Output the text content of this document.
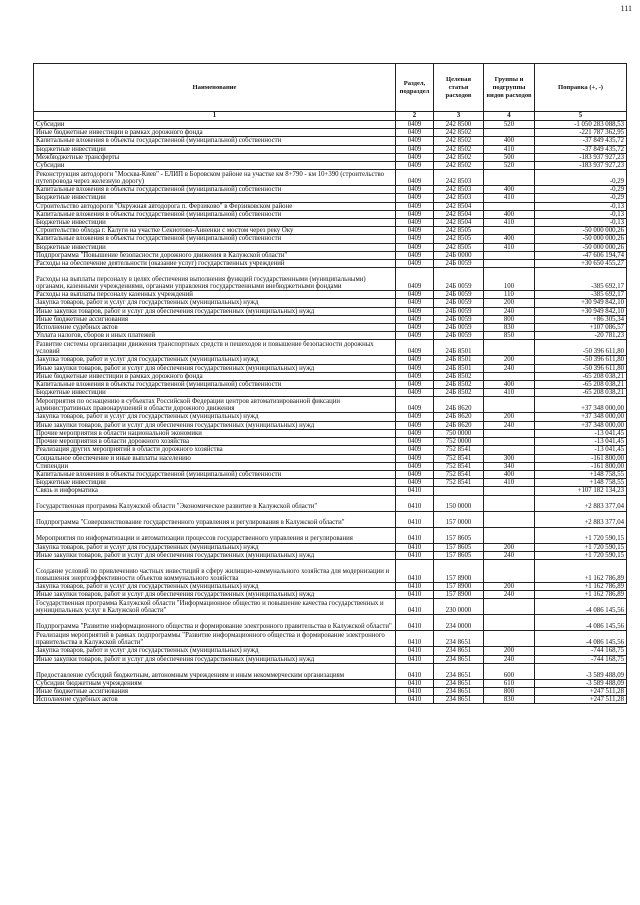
111
Наименование	Раздел, подраздел	Целевая статья расходов	Группы и подгруппы видов расходов	Поправка (+, -)
1	2	3	4	5
Субсидии	0409	242 8500	520	-1 050 283 088,53
Иные бюджетные инвестиции в рамках дорожного фонда	0409	242 8502		-221 787 362,95
Капитальные вложения в объекты государственной (муниципальной) собственности	0409	242 8502	400	-37 849 435,72
Бюджетные инвестиции	0409	242 8502	410	-37 849 435,72
Межбюджетные трансферты	0409	242 8502	500	-183 937 927,23
Субсидии	0409	242 8502	520	-183 937 927,23
Реконструкция автодороги "Москва-Киев" - ЕЛИП в Боровском районе на участке км 8+790 - км 10+390 (строительство путепровода через железную дорогу)	0409	242 8503		-0,29
Капитальные вложения в объекты государственной (муниципальной) собственности	0409	242 8503	400	-0,29
Бюджетные инвестиции	0409	242 8503	410	-0,29
Строительство автодороги "Окружная автодорога п. Ферзиково" в Ферзиковском районе	0409	242 8504		-0,13
Капитальные вложения в объекты государственной (муниципальной) собственности	0409	242 8504	400	-0,13
Бюджетные инвестиции	0409	242 8504	410	-0,13
Строительство обхода г. Калуги на участке Секиотово-Анненки с мостом через реку Оку	0409	242 8505		-50 000 000,26
Капитальные вложения в объекты государственной (муниципальной) собственности	0409	242 8505	400	-50 000 000,26
Бюджетные инвестиции	0409	242 8505	410	-50 000 000,26
Подпрограмма "Повышение безопасности дорожного движения в Калужской области"	0409	24Б 0000		-47 606 194,74
Расходы на обеспечение деятельности (оказание услуг) государственных учреждений	0409	24Б 0059		+30 650 455,27
Расходы на выплаты персоналу в целях обеспечения выполнения функций государственными (муниципальными) органами, казенными учреждениями, органами управления государственными внебюджетными фондами	0409	24Б 0059	100	-385 692,17
Расходы на выплаты персоналу казенных учреждений	0409	24Б 0059	110	-385 692,17
Закупка товаров, работ и услуг для государственных (муниципальных) нужд	0409	24Б 0059	200	+30 949 842,10
Иные закупки товаров, работ и услуг для обеспечения государственных (муниципальных) нужд	0409	24Б 0059	240	+30 949 842,10
Иные бюджетные ассигнования	0409	24Б 0059	800	+86 305,34
Исполнение судебных актов	0409	24Б 0059	830	+107 086,57
Уплата налогов, сборов и иных платежей	0409	24Б 0059	850	-20 781,23
Развитие системы организации движения транспортных средств и пешеходов и повышение безопасности дорожных условий	0409	24Б 8501		-50 396 611,80
Закупка товаров, работ и услуг для государственных (муниципальных) нужд	0409	24Б 8501	200	-50 396 611,80
Иные закупки товаров, работ и услуг для обеспечения государственных (муниципальных) нужд	0409	24Б 8501	240	-50 396 611,80
Иные бюджетные инвестиции в рамках дорожного фонда	0409	24Б 8502		-65 208 038,21
Капитальные вложения в объекты государственной (муниципальной) собственности	0409	24Б 8502	400	-65 208 038,21
Бюджетные инвестиции	0409	24Б 8502	410	-65 208 038,21
Мероприятия по оснащению в субъектах Российской Федерации центров автоматизированной фиксации административных правонарушений в области дорожного движения	0409	24Б 8620		+37 348 000,00
Закупка товаров, работ и услуг для государственных (муниципальных) нужд	0409	24Б 8620	200	+37 348 000,00
Иные закупки товаров, работ и услуг для обеспечения государственных (муниципальных) нужд	0409	24Б 8620	240	+37 348 000,00
Прочие мероприятия в области национальной экономики	0409	750 0000		-13 041,45
Прочие мероприятия в области дорожного хозяйства	0409	752 0000		-13 041,45
Реализация других мероприятий в области дорожного хозяйства	0409	752 8541		-13 041,45
Социальное обеспечение и иные выплаты населению	0409	752 8541	300	-161 800,00
Стипендии	0409	752 8541	340	-161 800,00
Капитальные вложения в объекты государственной (муниципальной) собственности	0409	752 8541	400	+148 758,55
Бюджетные инвестиции	0409	752 8541	410	+148 758,55
Связь и информатика	0410			+107 182 134,23
Государственная программа Калужской области "Экономическое развитие в Калужской области"	0410	150 0000		+2 883 377,04
Подпрограмма "Совершенствование государственного управления и регулирования в Калужской области"	0410	157 0000		+2 883 377,04
Мероприятия по информатизации и автоматизации процессов государственного управления и регулирования	0410	157 8605		+1 720 590,15
Закупка товаров, работ и услуг для государственных (муниципальных) нужд	0410	157 8605	200	+1 720 590,15
Иные закупки товаров, работ и услуг для обеспечения государственных (муниципальных) нужд	0410	157 8605	240	+1 720 590,15
Создание условий по привлечению частных инвестиций в сферу жилищно-коммунального хозяйства для модернизации и повышения энергоэффективности объектов коммунального хозяйства	0410	157 8900		+1 162 786,89
Закупка товаров, работ и услуг для государственных (муниципальных) нужд	0410	157 8900	200	+1 162 786,89
Иные закупки товаров, работ и услуг для обеспечения государственных (муниципальных) нужд	0410	157 8900	240	+1 162 786,89
Государственная программа Калужской области "Информационное общество и повышение качества государственных и муниципальных услуг в Калужской области"	0410	230 0000		-4 086 145,56
Подпрограмма "Развитие информационного общества и формирование электронного правительства в Калужской области"	0410	234 0000		-4 086 145,56
Реализация мероприятий в рамках подпрограммы "Развитие информационного общества и формирование электронного правительства в Калужской области"	0410	234 8651		-4 086 145,56
Закупка товаров, работ и услуг для государственных (муниципальных) нужд	0410	234 8651	200	-744 168,75
Иные закупки товаров, работ и услуг для обеспечения государственных (муниципальных) нужд	0410	234 8651	240	-744 168,75
Предоставление субсидий бюджетным, автономным учреждениям и иным некоммерческим организациям	0410	234 8651	600	-3 589 488,09
Субсидии бюджетным учреждениям	0410	234 8651	610	-3 589 488,09
Иные бюджетные ассигнования	0410	234 8651	800	+247 511,28
Исполнение судебных актов	0410	234 8651	830	+247 511,28
